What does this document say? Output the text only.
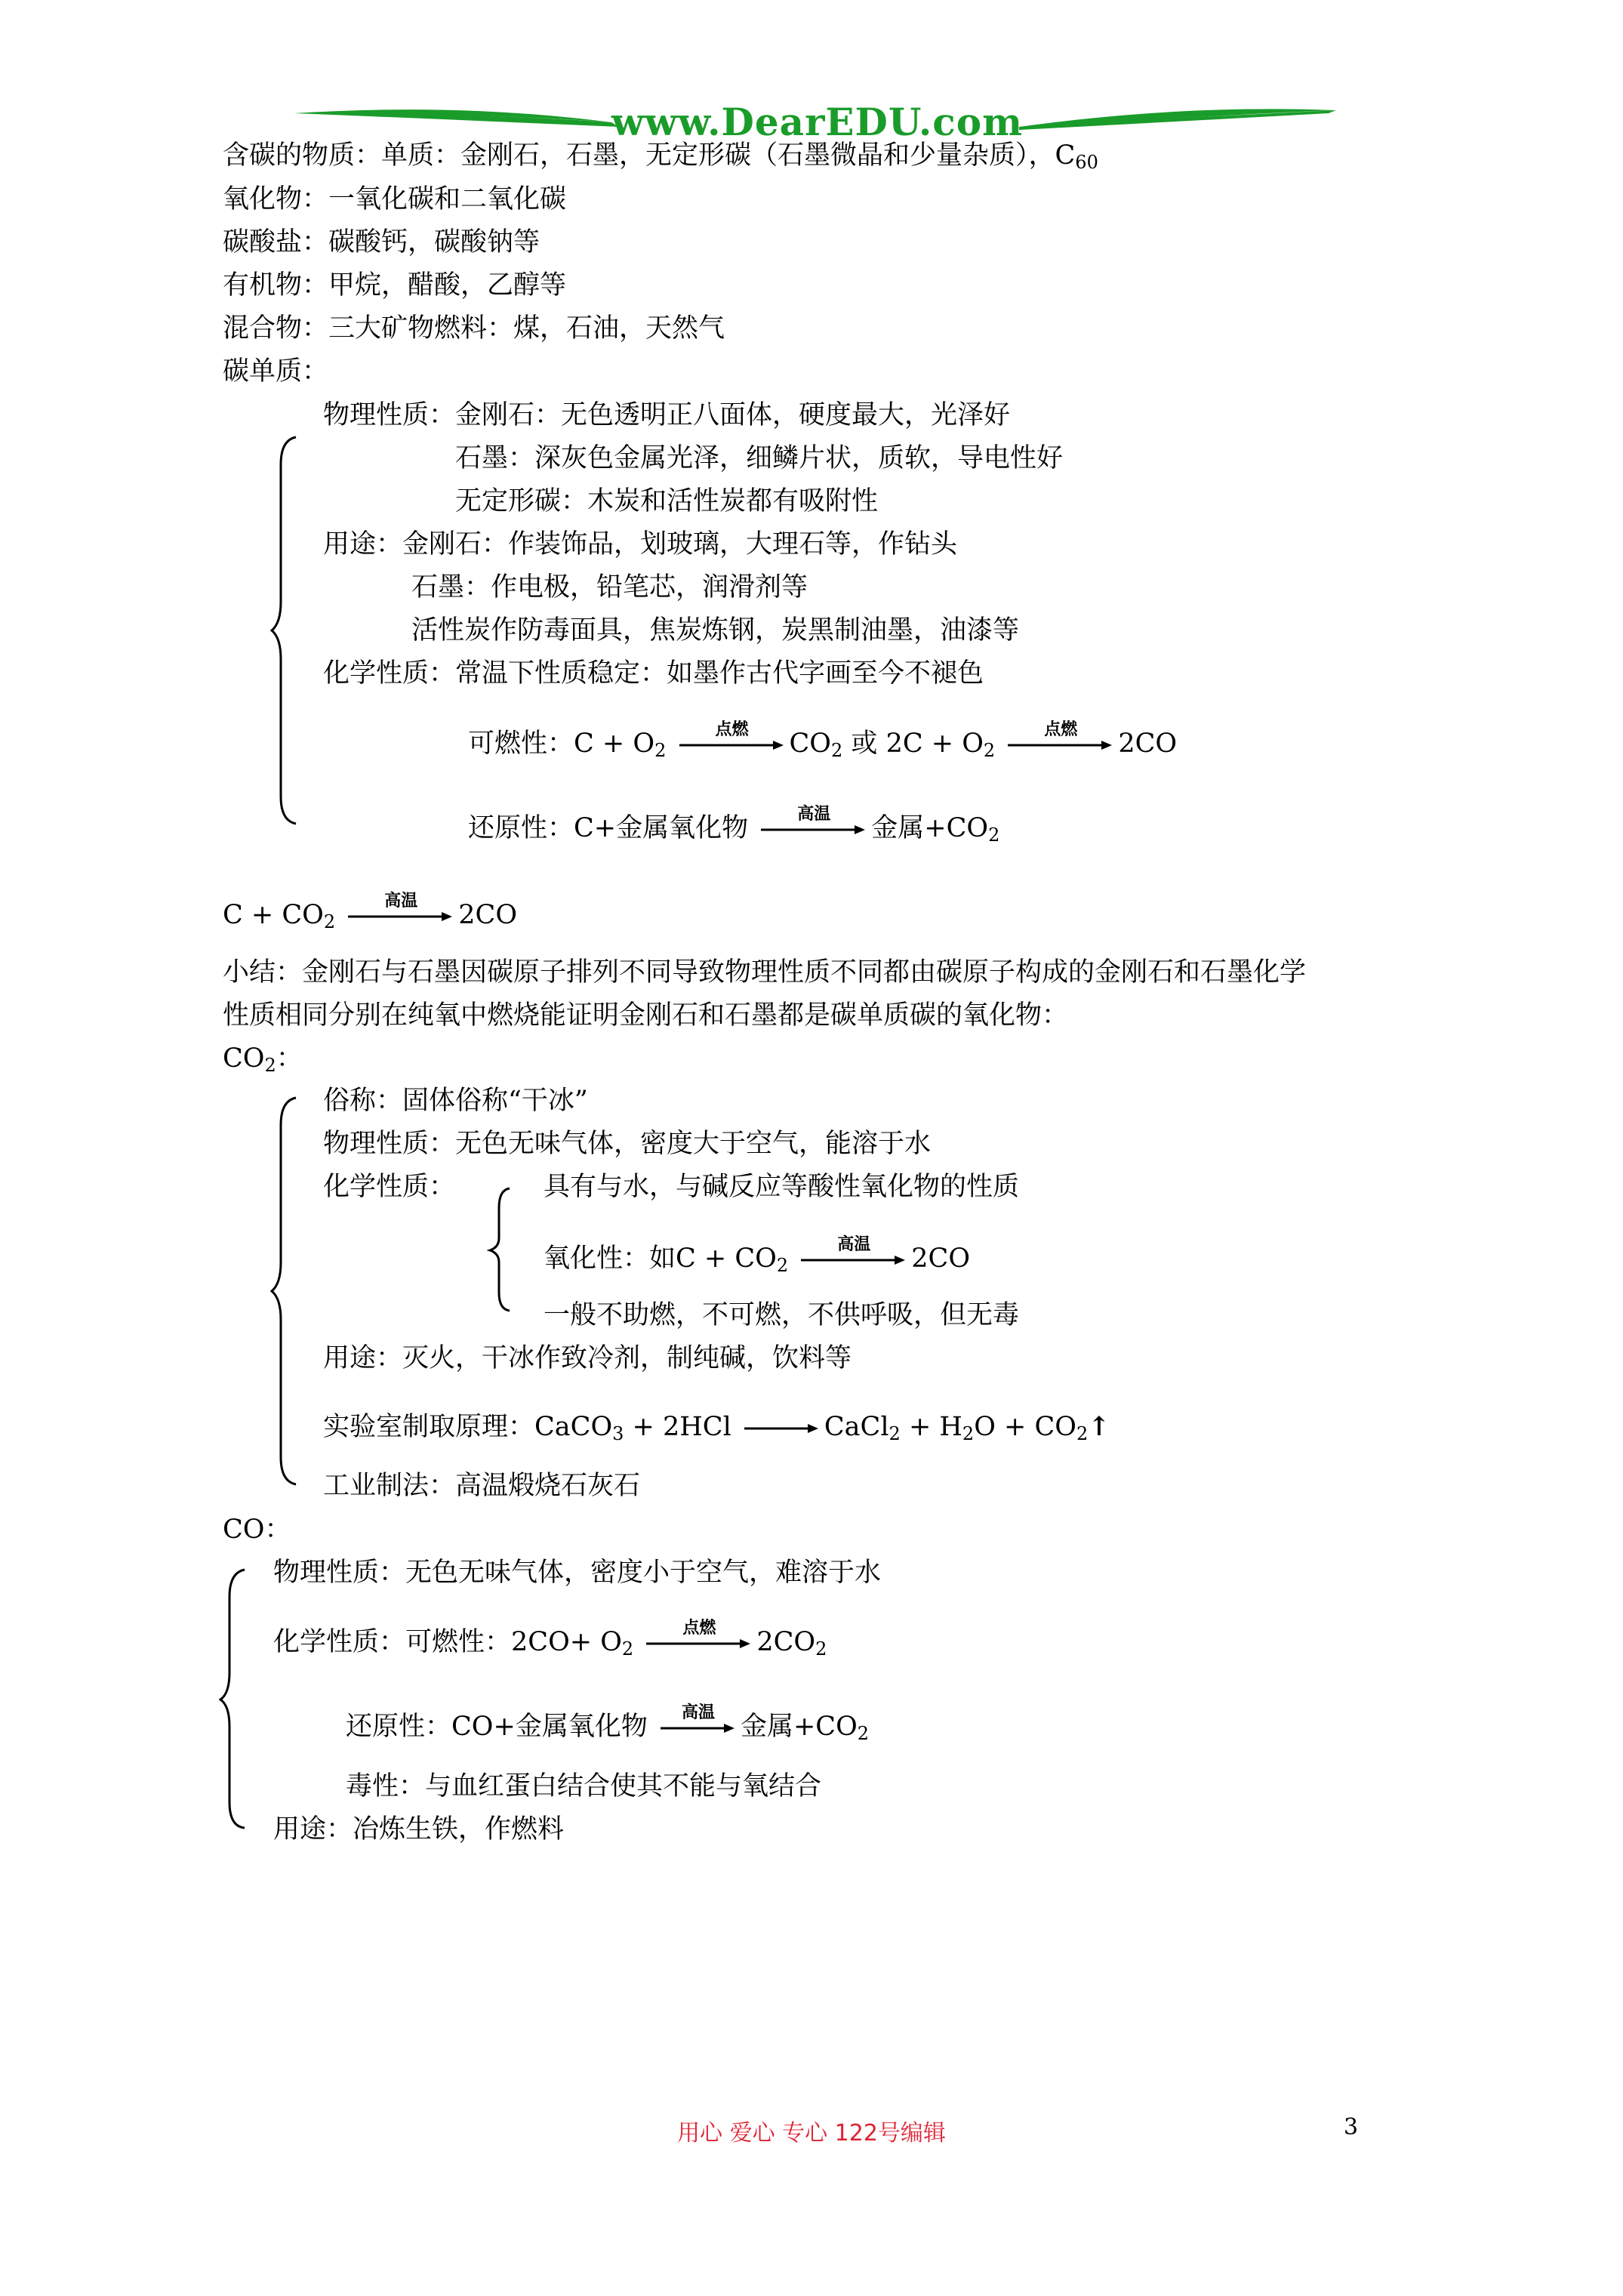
www.DearEDU.com
含碳的物质：单质：金刚石，石墨，无定形碳（石墨微晶和少量杂质），$C_{60}$
氧化物：一氧化碳和二氧化碳
碳酸盐：碳酸钙，碳酸钠等
有机物：甲烷，醋酸，乙醇等
混合物：三大矿物燃料：煤，石油，天然气
碳单质：
物理性质：金刚石：无色透明正八面体，硬度最大，光泽好
石墨：深灰色金属光泽，细鳞片状，质软，导电性好
无定形碳：木炭和活性炭都有吸附性
用途：金刚石：作装饰品，划玻璃，大理石等，作钻头
石墨：作电极，铅笔芯，润滑剂等
活性炭作防毒面具，焦炭炼钢，炭黑制油墨，油漆等
化学性质：常温下性质稳定：如墨作古代字画至今不褪色
可燃性：$C + O_2$
点燃	$CO_2$ 或 $2C + O_2$
点燃	2CO
还原性：C+金属氧化物	高温	金属$+CO_2$
$C + CO_2$
高温	2CO
小结：金刚石与石墨因碳原子排列不同导致物理性质不同都由碳原子构成的金刚石和石墨化学
性质相同分别在纯氧中燃烧能证明金刚石和石墨都是碳单质碳的氧化物：
$CO_2$：
俗称：固体俗称“干冰”
物理性质：无色无味气体，密度大于空气，能溶于水
化学性质：	具有与水，与碱反应等酸性氧化物的性质
氧化性：如$C + CO_2$
高温	2CO
一般不助燃，不可燃，不供呼吸，但无毒
用途：灭火，干冰作致冷剂，制纯碱，饮料等
实验室制取原理：CaCO$_3$ + 2HCl	CaCl$_2$ + $H_2O$ + $CO_2↑$
工业制法：高温煅烧石灰石
CO：
物理性质：无色无味气体，密度小于空气，难溶于水
化学性质：可燃性：$2CO+ O_2$
点燃	$2CO_2$
还原性：CO+金属氧化物	高温 金属$+CO_2$
毒性：与血红蛋白结合使其不能与氧结合
用途：冶炼生铁，作燃料
用心 爱心 专心 122号编辑	3
